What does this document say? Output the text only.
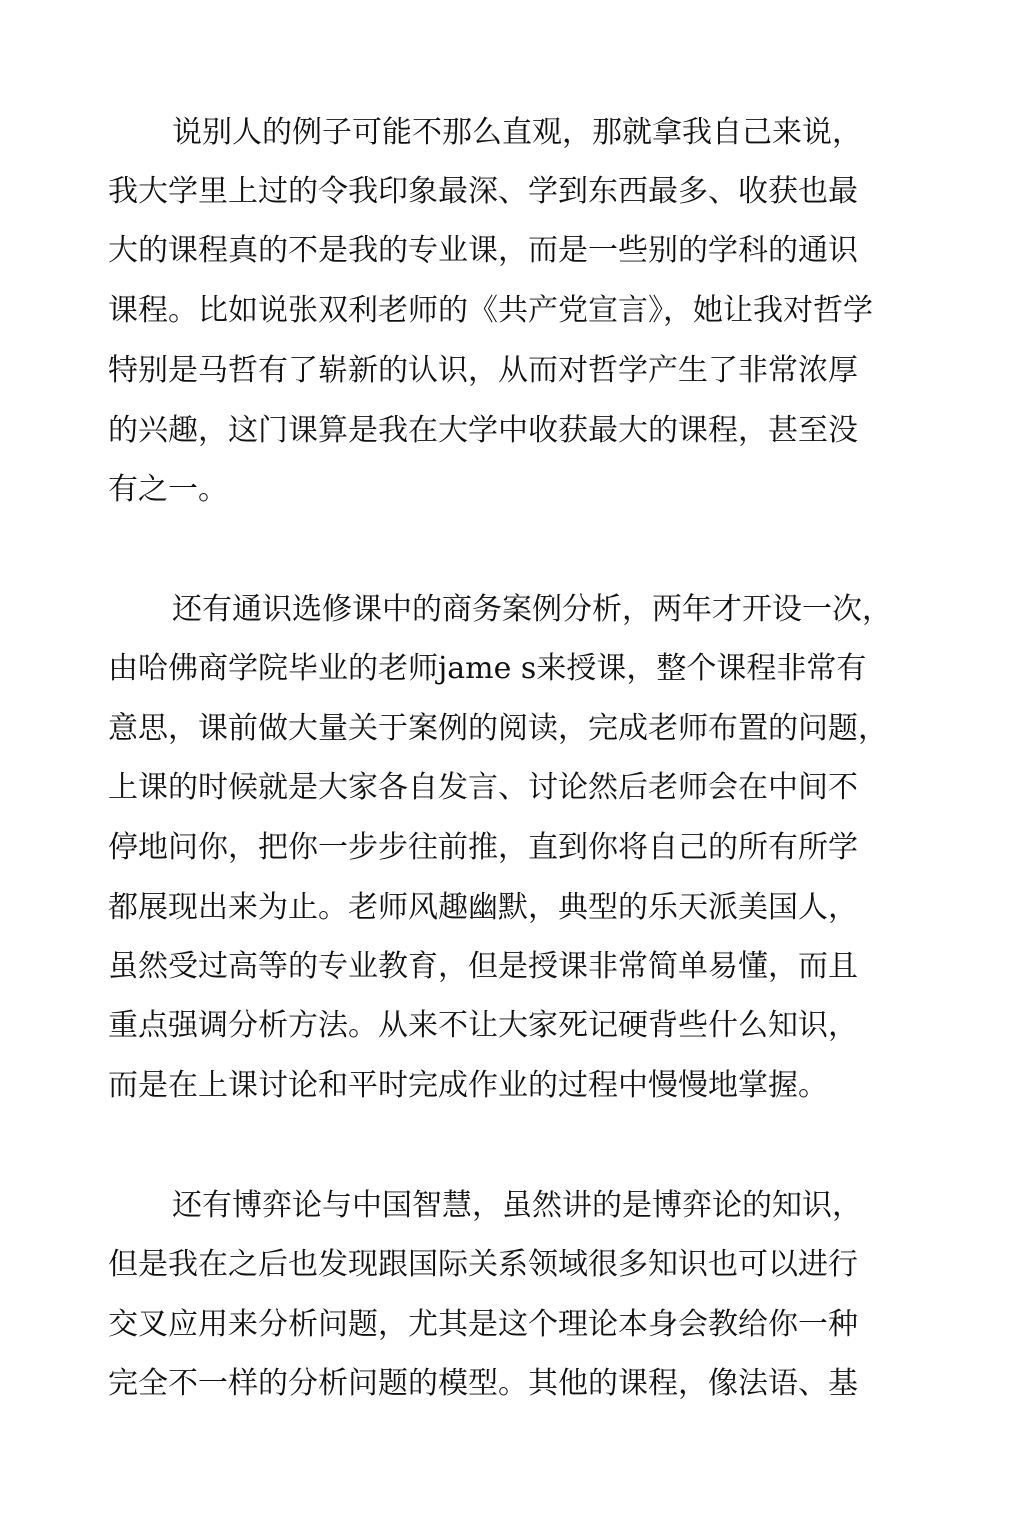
说别人的例子可能不那么直观，那就拿我自己来说，

我大学里上过的令我印象最深、学到东西最多、收获也最

大的课程真的不是我的专业课，而是一些别的学科的通识

课程。比如说张双利老师的《共产党宣言》，她让我对哲学

特别是马哲有了崭新的认识，从而对哲学产生了非常浓厚

的兴趣，这门课算是我在大学中收获最大的课程，甚至没

有之一。

还有通识选修课中的商务案例分析，两年才开设一次，

由哈佛商学院毕业的老师jame s来授课，整个课程非常有

意思，课前做大量关于案例的阅读，完成老师布置的问题，

上课的时候就是大家各自发言、讨论然后老师会在中间不

停地问你，把你一步步往前推，直到你将自己的所有所学

都展现出来为止。老师风趣幽默，典型的乐天派美国人，

虽然受过高等的专业教育，但是授课非常简单易懂，而且

重点强调分析方法。从来不让大家死记硬背些什么知识，

而是在上课讨论和平时完成作业的过程中慢慢地掌握。

还有博弈论与中国智慧，虽然讲的是博弈论的知识，

但是我在之后也发现跟国际关系领域很多知识也可以进行

交叉应用来分析问题，尤其是这个理论本身会教给你一种

完全不一样的分析问题的模型。其他的课程，像法语、基
